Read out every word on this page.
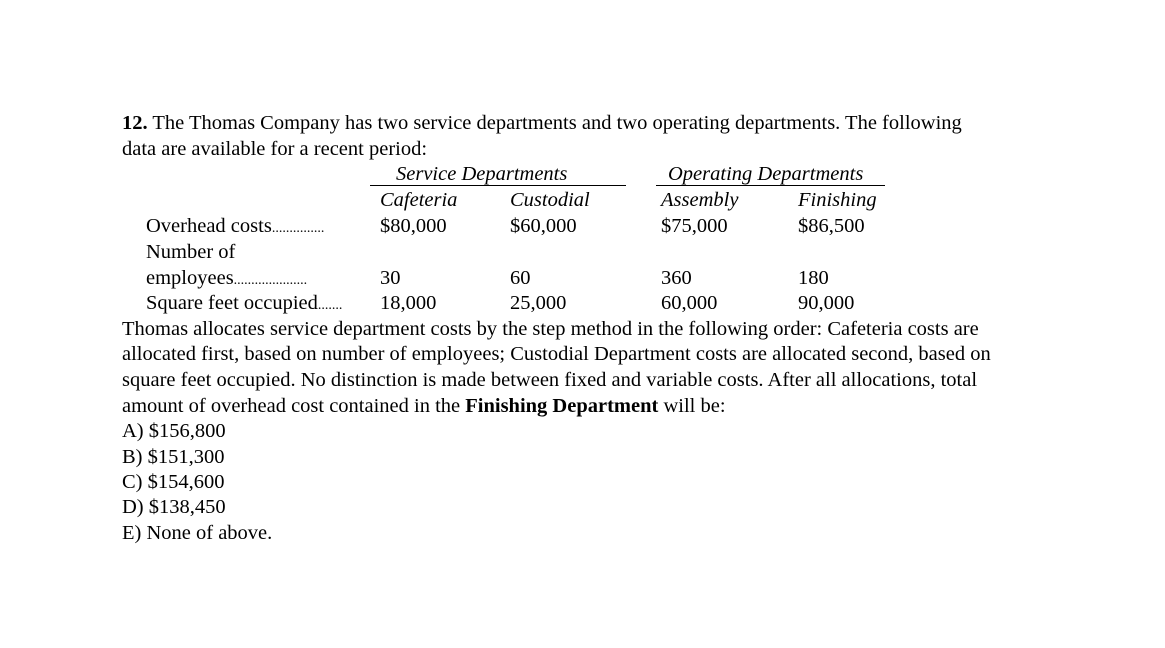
12. The Thomas Company has two service departments and two operating departments. The following
data are available for a recent period:
Service Departments	Operating Departments
Cafeteria	Custodial	Assembly	Finishing
Overhead costs...............	$80,000	$60,000	$75,000	$86,500
Number of
employees.....................	30	60	360	180
Square feet occupied....... 18,000	25,000	60,000	90,000
Thomas allocates service department costs by the step method in the following order: Cafeteria costs are
allocated first, based on number of employees; Custodial Department costs are allocated second, based on
square feet occupied. No distinction is made between fixed and variable costs. After all allocations, total
amount of overhead cost contained in the Finishing Department will be:
A) $156,800
B) $151,300
C) $154,600
D) $138,450
E) None of above.
